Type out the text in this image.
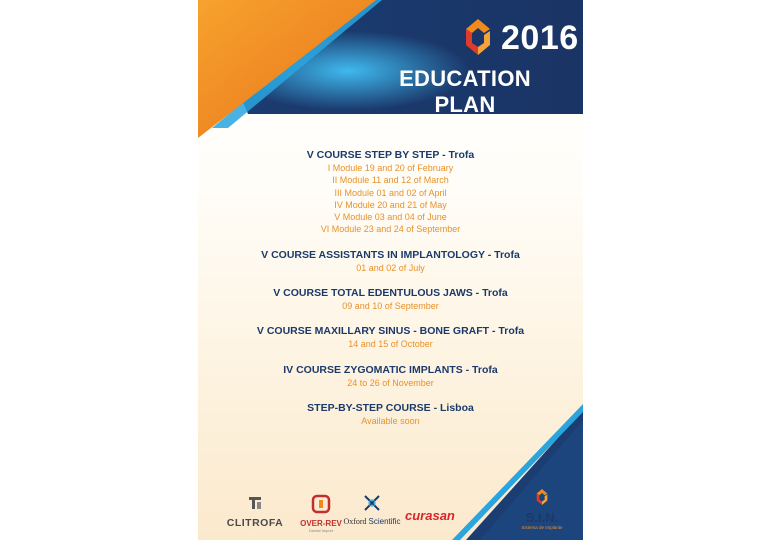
2016
EDUCATION PLAN
V COURSE STEP BY STEP - Trofa
I Module 19 and 20 of February
II Module 11 and 12 of March
III Module 01 and 02 of April
IV Module 20 and 21 of May
V Module 03 and 04 of June
VI Module 23 and 24 of September
V COURSE ASSISTANTS IN IMPLANTOLOGY - Trofa
01 and 02 of July
V COURSE TOTAL EDENTULOUS JAWS - Trofa
09 and 10 of September
V COURSE MAXILLARY SINUS - BONE GRAFT - Trofa
14 and 15 of October
IV COURSE ZYGOMATIC IMPLANTS - Trofa
24 to 26 of November
STEP-BY-STEP COURSE - Lisboa
Available soon
CLITROFA	OVER-REV
Dental Import
Oxford Scientific curasan	S.I.N.
Sistema de Implante
